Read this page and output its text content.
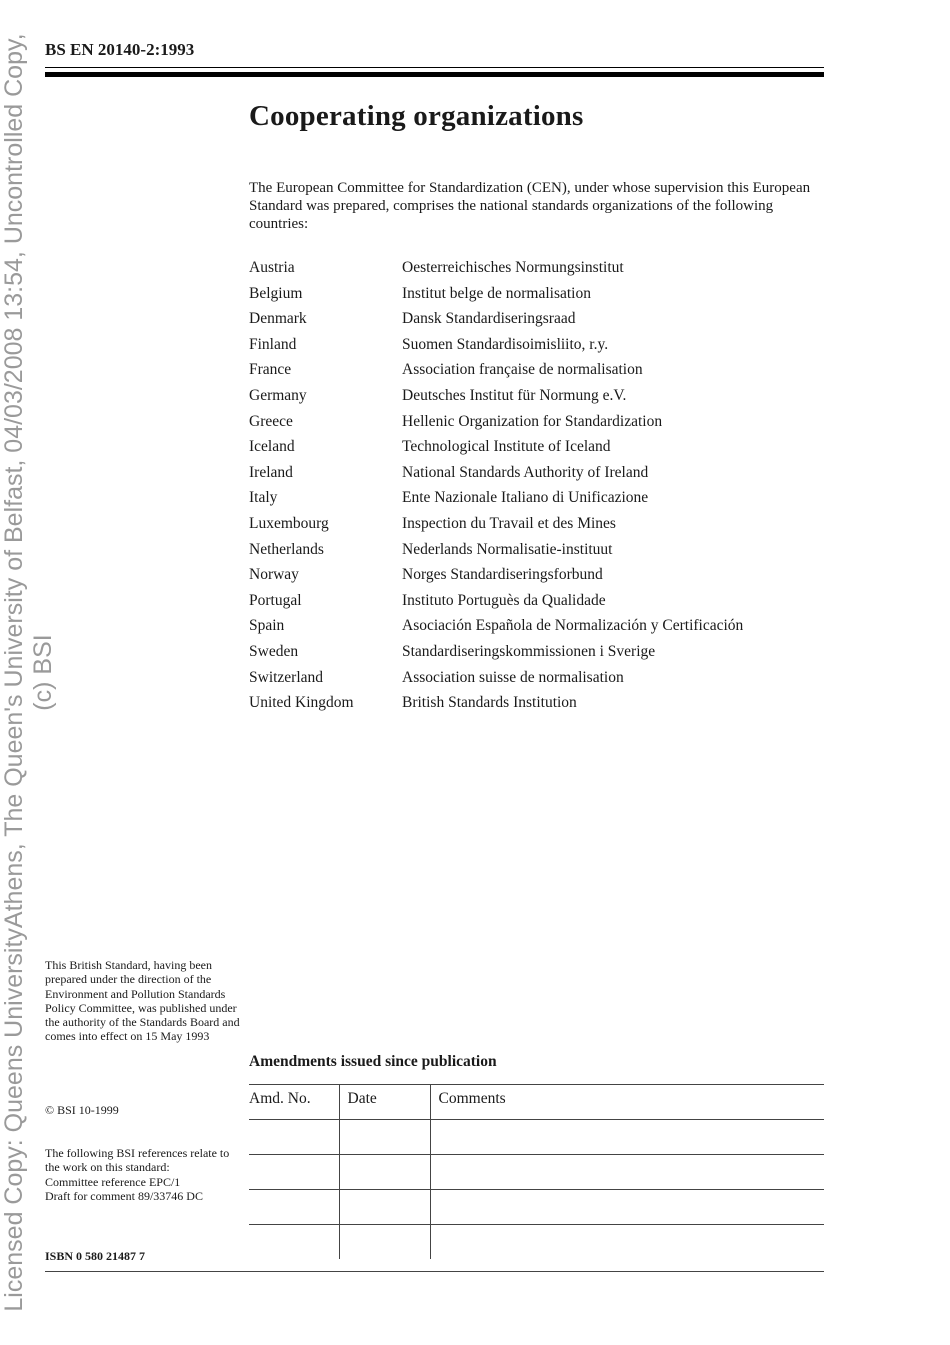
Licensed Copy: Queens UniversityAthens, The Queen's University of Belfast, 04/03/2008 13:54, Uncontrolled Copy, (c) BSI
BS EN 20140-2:1993
Cooperating organizations
The European Committee for Standardization (CEN), under whose supervision this European Standard was prepared, comprises the national standards organizations of the following countries:
Austria	Oesterreichisches Normungsinstitut
Belgium	Institut belge de normalisation
Denmark	Dansk Standardiseringsraad
Finland	Suomen Standardisoimisliito, r.y.
France	Association française de normalisation
Germany	Deutsches Institut für Normung e.V.
Greece	Hellenic Organization for Standardization
Iceland	Technological Institute of Iceland
Ireland	National Standards Authority of Ireland
Italy	Ente Nazionale Italiano di Unificazione
Luxembourg	Inspection du Travail et des Mines
Netherlands	Nederlands Normalisatie-instituut
Norway	Norges Standardiseringsforbund
Portugal	Instituto Portuguès da Qualidade
Spain	Asociación Española de Normalización y Certificación
Sweden	Standardiseringskommissionen i Sverige
Switzerland	Association suisse de normalisation
United Kingdom	British Standards Institution
This British Standard, having been prepared under the direction of the Environment and Pollution Standards Policy Committee, was published under the authority of the Standards Board and comes into effect on 15 May 1993
© BSI 10-1999
The following BSI references relate to the work on this standard:
Committee reference EPC/1
Draft for comment 89/33746 DC
ISBN 0 580 21487 7
Amendments issued since publication
Amd. No.	Date	Comments
